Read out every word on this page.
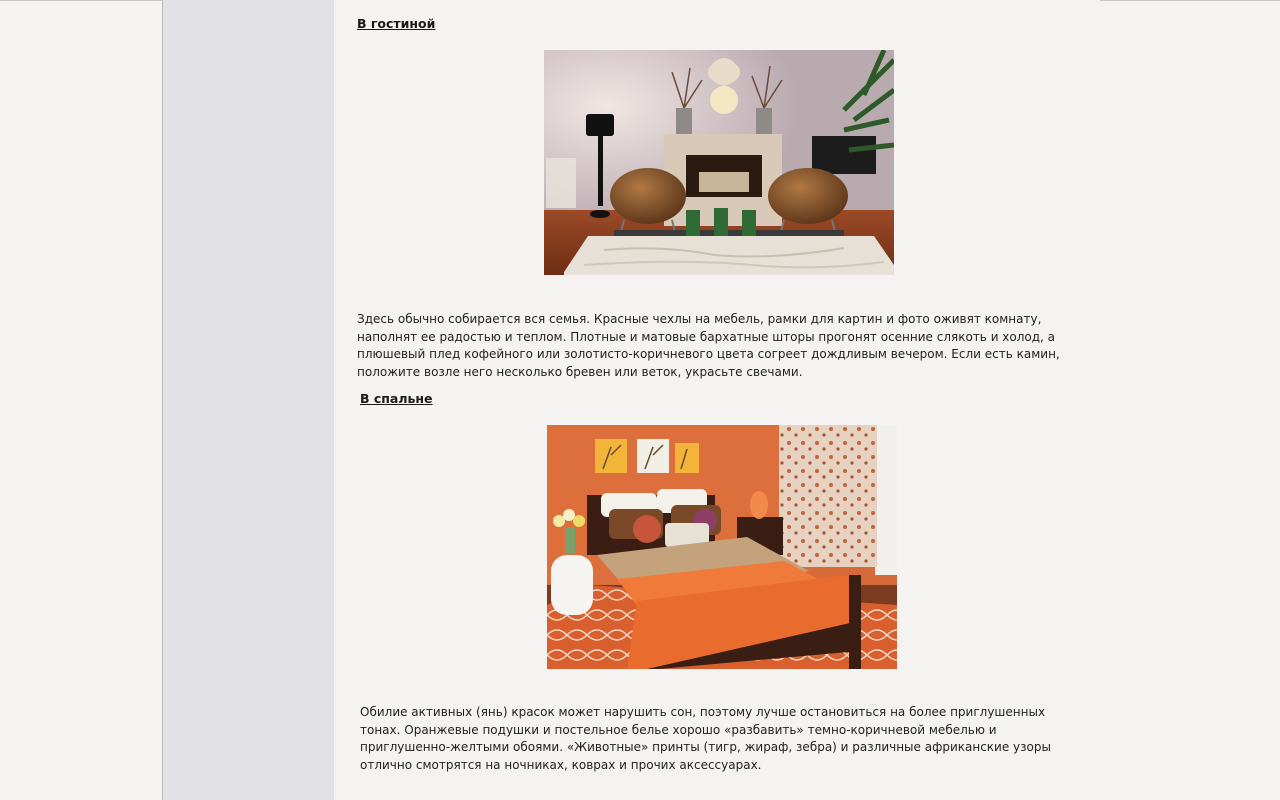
В гостиной
Здесь обычно собирается вся семья. Красные чехлы на мебель, рамки для картин и фото оживят комнату, наполнят ее радостью и теплом. Плотные и матовые бархатные шторы прогонят осенние слякоть и холод, а плюшевый плед кофейного или золотисто-коричневого цвета согреет дождливым вечером. Если есть камин, положите возле него несколько бревен или веток, украсьте свечами.
В спальне
Обилие активных (янь) красок может нарушить сон, поэтому лучше остановиться на более приглушенных тонах. Оранжевые подушки и постельное белье хорошо «разбавить» темно-коричневой мебелью и приглушенно-желтыми обоями. «Животные» принты (тигр, жираф, зебра) и различные африканские узоры отлично смотрятся на ночниках, коврах и прочих аксессуарах.
